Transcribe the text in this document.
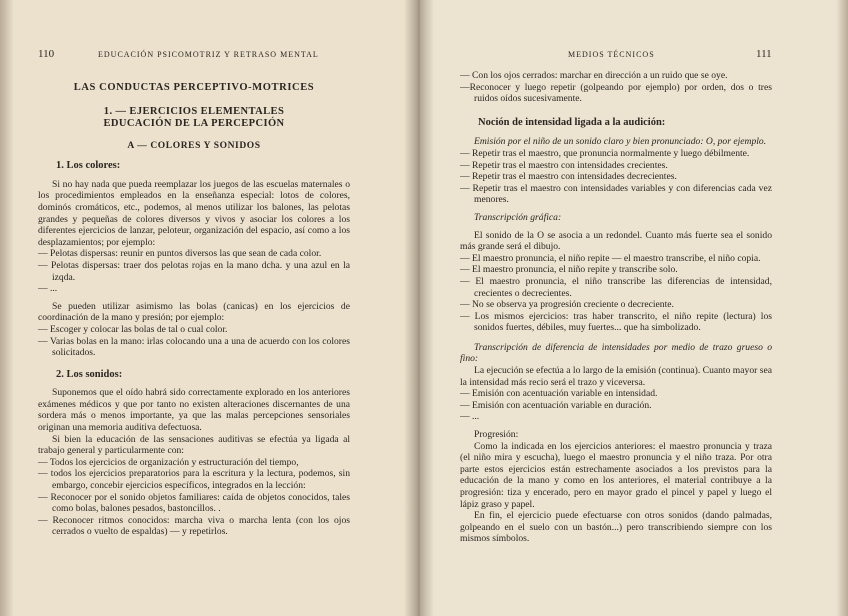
110	EDUCACIÓN PSICOMOTRIZ Y RETRASO MENTAL
LAS CONDUCTAS PERCEPTIVO-MOTRICES
1. — EJERCICIOS ELEMENTALES
EDUCACIÓN DE LA PERCEPCIÓN
A — COLORES Y SONIDOS
1. Los colores:

Si no hay nada que pueda reemplazar los juegos de las escuelas maternales o los procedimientos empleados en la enseñanza especial: lotos de colores, dominós cromáticos, etc., podemos, al menos utilizar los balones, las pelotas grandes y pequeñas de colores diversos y vivos y asociar los colores a los diferentes ejercicios de lanzar, peloteur, organización del espacio, así como a los desplazamientos; por ejemplo:

— Pelotas dispersas: reunir en puntos diversos las que sean de cada color.

— Pelotas dispersas: traer dos pelotas rojas en la mano dcha. y una azul en la izqda.

— ...

Se pueden utilizar asimismo las bolas (canicas) en los ejercicios de coordinación de la mano y presión; por ejemplo:

— Escoger y colocar las bolas de tal o cual color.

— Varias bolas en la mano: irlas colocando una a una de acuerdo con los colores solicitados.

2. Los sonidos:

Suponemos que el oído habrá sido correctamente explorado en los anteriores exámenes médicos y que por tanto no existen alteraciones discernantes de una sordera más o menos importante, ya que las malas percepciones sensoriales originan una memoria auditiva defectuosa.

Si bien la educación de las sensaciones auditivas se efectúa ya ligada al trabajo general y particularmente con:

— Todos los ejercicios de organización y estructuración del tiempo,

— todos los ejercicios preparatorios para la escritura y la lectura, podemos, sin embargo, concebir ejercicios específicos, integrados en la lección:

— Reconocer por el sonido objetos familiares: caída de objetos conocidos, tales como bolas, balones pesados, bastoncillos. .

— Reconocer ritmos conocidos: marcha viva o marcha lenta (con los ojos cerrados o vuelto de espaldas) — y repetirlos.

MEDIOS TÉCNICOS	111

— Con los ojos cerrados: marchar en dirección a un ruido que se oye.

—Reconocer y luego repetir (golpeando por ejemplo) por orden, dos o tres ruidos oídos sucesivamente.

Noción de intensidad ligada a la audición:

Emisión por el niño de un sonido claro y bien pronunciado: O, por ejemplo.

— Repetir tras el maestro, que pronuncia normalmente y luego débilmente.

— Repetir tras el maestro con intensidades crecientes.

— Repetir tras el maestro con intensidades decrecientes.

— Repetir tras el maestro con intensidades variables y con diferencias cada vez menores.

Transcripción gráfica:

El sonido de la O se asocia a un redondel. Cuanto más fuerte sea el sonido más grande será el dibujo.

— El maestro pronuncia, el niño repite — el maestro transcribe, el niño copia.

— El maestro pronuncia, el niño repite y transcribe solo.

— El maestro pronuncia, el niño transcribe las diferencias de intensidad, crecientes o decrecientes.

— No se observa ya progresión creciente o decreciente.

— Los mismos ejercicios: tras haber transcrito, el niño repite (lectura) los sonidos fuertes, débiles, muy fuertes... que ha simbolizado.

Transcripción de diferencia de intensidades por medio de trazo grueso o fino:

La ejecución se efectúa a lo largo de la emisión (continua). Cuanto mayor sea la intensidad más recio será el trazo y viceversa.

— Emisión con acentuación variable en intensidad.

— Emisión con acentuación variable en duración.

— ...

Progresión:

Como la indicada en los ejercicios anteriores: el maestro pronuncia y traza (el niño mira y escucha), luego el maestro pronuncia y el niño traza. Por otra parte estos ejercicios están estrechamente asociados a los previstos para la educación de la mano y como en los anteriores, el material contribuye a la progresión: tiza y encerado, pero en mayor grado el pincel y papel y luego el lápiz graso y papel.

En fin, el ejercicio puede efectuarse con otros sonidos (dando palmadas, golpeando en el suelo con un bastón...) pero transcribiendo siempre con los mismos símbolos.
